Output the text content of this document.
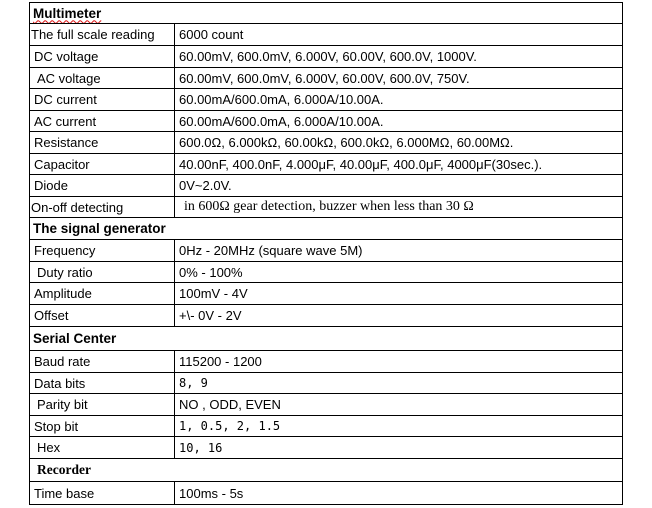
Multimeter	
The full scale reading	6000 count
DC voltage	60.00mV, 600.0mV, 6.000V, 60.00V, 600.0V, 1000V.
AC voltage	60.00mV, 600.0mV, 6.000V, 60.00V, 600.0V, 750V.
DC current	60.00mA/600.0mA, 6.000A/10.00A.
AC current	60.00mA/600.0mA, 6.000A/10.00A.
Resistance	600.0Ω, 6.000kΩ, 60.00kΩ, 600.0kΩ, 6.000MΩ, 60.00MΩ.
Capacitor	40.00nF, 400.0nF, 4.000μF, 40.00μF, 400.0μF, 4000μF(30sec.).
Diode	0V~2.0V.
On-off detecting	in 600Ω gear detection, buzzer when less than 30 Ω
The signal generator	
Frequency	0Hz - 20MHz (square wave 5M)
Duty ratio	0% - 100%
Amplitude	100mV - 4V
Offset	+\- 0V - 2V
Serial Center	
Baud rate	115200 - 1200
Data bits	8, 9
Parity bit	NO , ODD, EVEN
Stop bit	1, 0.5, 2, 1.5
Hex	10, 16
Recorder	
Time base	100ms - 5s
